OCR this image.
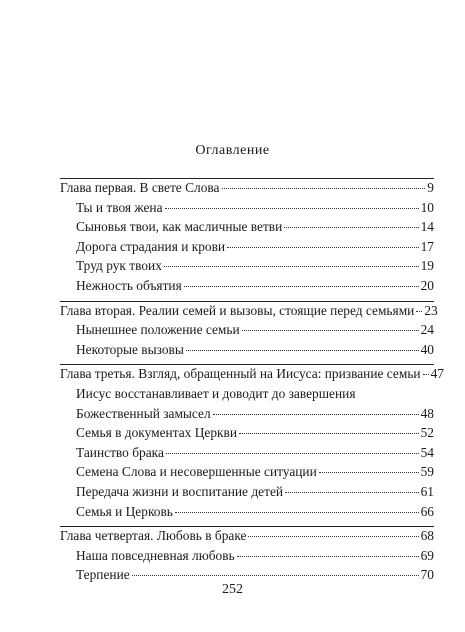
Оглавление
Глава первая. В свете Слова	9
Ты и твоя жена	10
Сыновья твои, как масличные ветви	14
Дорога страдания и крови	17
Труд рук твоих	19
Нежность объятия	20
Глава вторая. Реалии семей и вызовы, стоящие перед семьями 23
Нынешнее положение семьи	24
Некоторые вызовы	40
Глава третья. Взгляд, обращенный на Иисуса: призвание семьи 47
Иисус восстанавливает и доводит до завершения
Божественный замысел	48
Семья в документах Церкви	52
Таинство брака	54
Семена Слова и несовершенные ситуации	59
Передача жизни и воспитание детей	61
Семья и Церковь	66
Глава четвертая. Любовь в браке	68
Наша повседневная любовь	69
Терпение	70
252
